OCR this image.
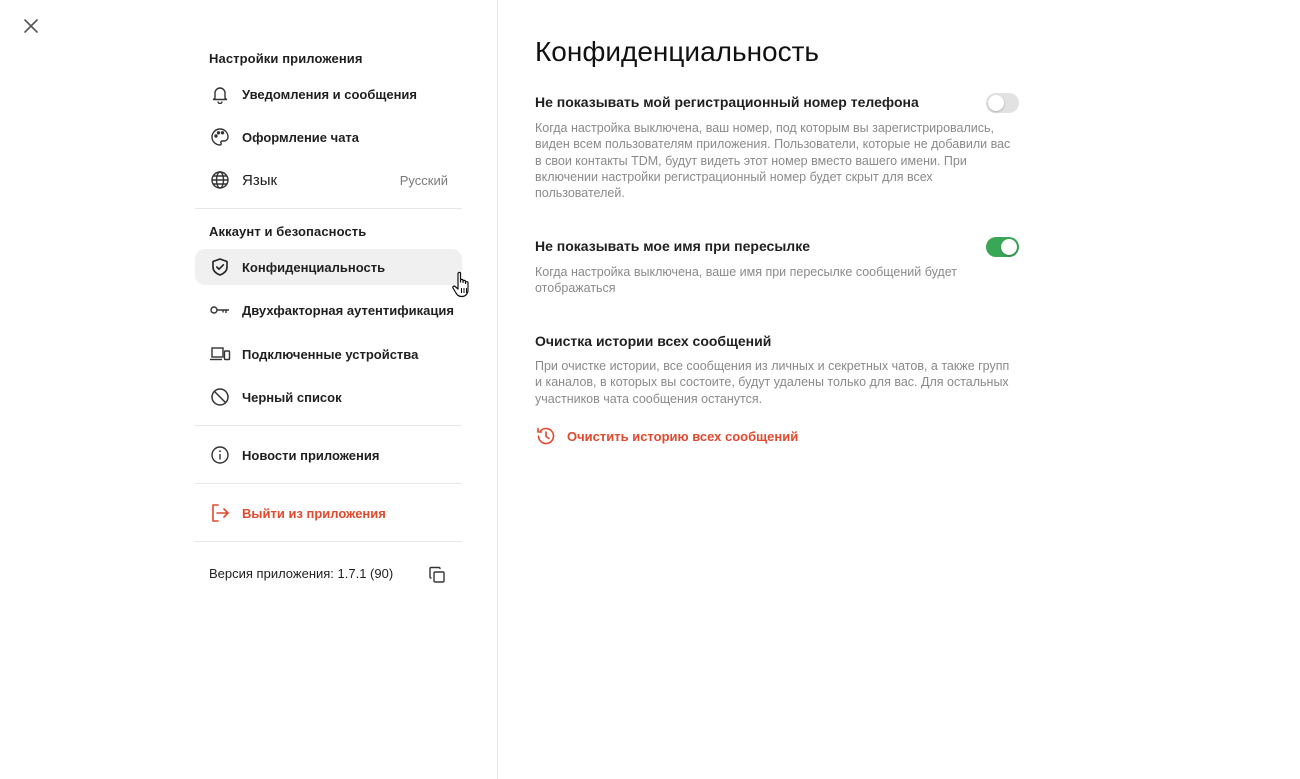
Настройки приложения
Уведомления и сообщения
Оформление чата
Язык	Русский
Аккаунт и безопасность
Конфиденциальность
Двухфакторная аутентификация
Подключенные устройства
Черный список
Новости приложения
Выйти из приложения
Версия приложения: 1.7.1 (90)
Конфиденциальность
Не показывать мой регистрационный номер телефона
Когда настройка выключена, ваш номер, под которым вы зарегистрировались, виден всем пользователям приложения. Пользователи, которые не добавили вас в свои контакты TDM, будут видеть этот номер вместо вашего имени. При включении настройки регистрационный номер будет скрыт для всех пользователей.
Не показывать мое имя при пересылке
Когда настройка выключена, ваше имя при пересылке сообщений будет отображаться
Очистка истории всех сообщений
При очистке истории, все сообщения из личных и секретных чатов, а также групп и каналов, в которых вы состоите, будут удалены только для вас. Для остальных участников чата сообщения останутся.
Очистить историю всех сообщений
